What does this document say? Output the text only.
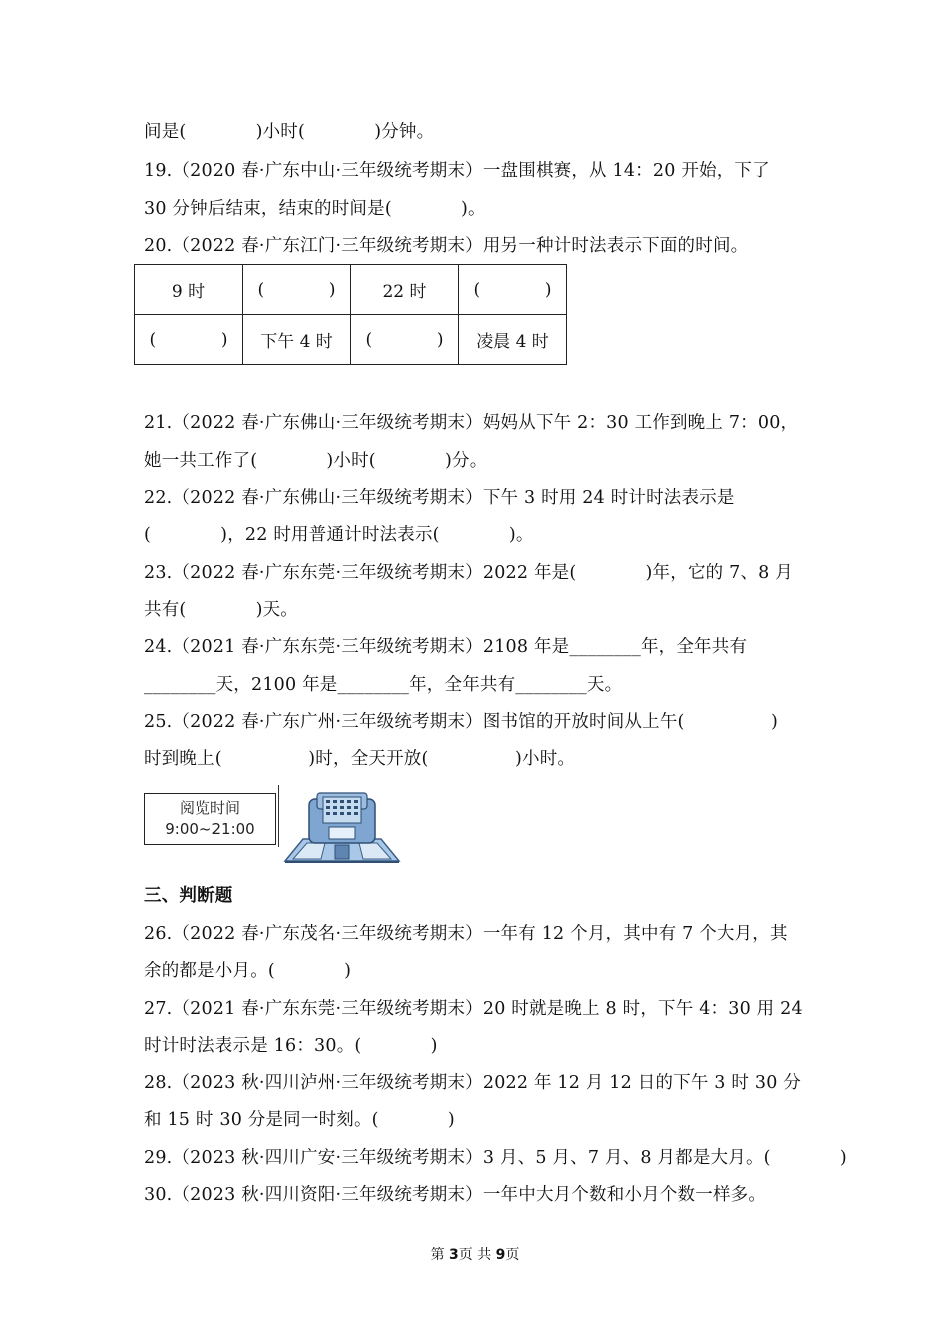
间是(            )小时(            )分钟。
19.（2020 春·广东中山·三年级统考期末）一盘围棋赛，从 14：20 开始，下了
30 分钟后结束，结束的时间是(            )。
20.（2022 春·广东江门·三年级统考期末）用另一种计时法表示下面的时间。
9 时	(            )	22 时	(            )
(            )	下午 4 时	(            )	凌晨 4 时
21.（2022 春·广东佛山·三年级统考期末）妈妈从下午 2：30 工作到晚上 7：00，
她一共工作了(            )小时(            )分。
22.（2022 春·广东佛山·三年级统考期末）下午 3 时用 24 时计时法表示是
(            )，22 时用普通计时法表示(            )。
23.（2022 春·广东东莞·三年级统考期末）2022 年是(            )年，它的 7、8 月
共有(            )天。
24.（2021 春·广东东莞·三年级统考期末）2108 年是________年，全年共有
________天，2100 年是________年，全年共有________天。
25.（2022 春·广东广州·三年级统考期末）图书馆的开放时间从上午(               )
时到晚上(               )时，全天开放(               )小时。
阅览时间
9:00~21:00
三、判断题
26.（2022 春·广东茂名·三年级统考期末）一年有 12 个月，其中有 7 个大月，其
余的都是小月。(            )
27.（2021 春·广东东莞·三年级统考期末）20 时就是晚上 8 时，下午 4：30 用 24
时计时法表示是 16：30。(            )
28.（2023 秋·四川泸州·三年级统考期末）2022 年 12 月 12 日的下午 3 时 30 分
和 15 时 30 分是同一时刻。(            )
29.（2023 秋·四川广安·三年级统考期末）3 月、5 月、7 月、8 月都是大月。(            )
30.（2023 秋·四川资阳·三年级统考期末）一年中大月个数和小月个数一样多。
第 3页 共 9页
